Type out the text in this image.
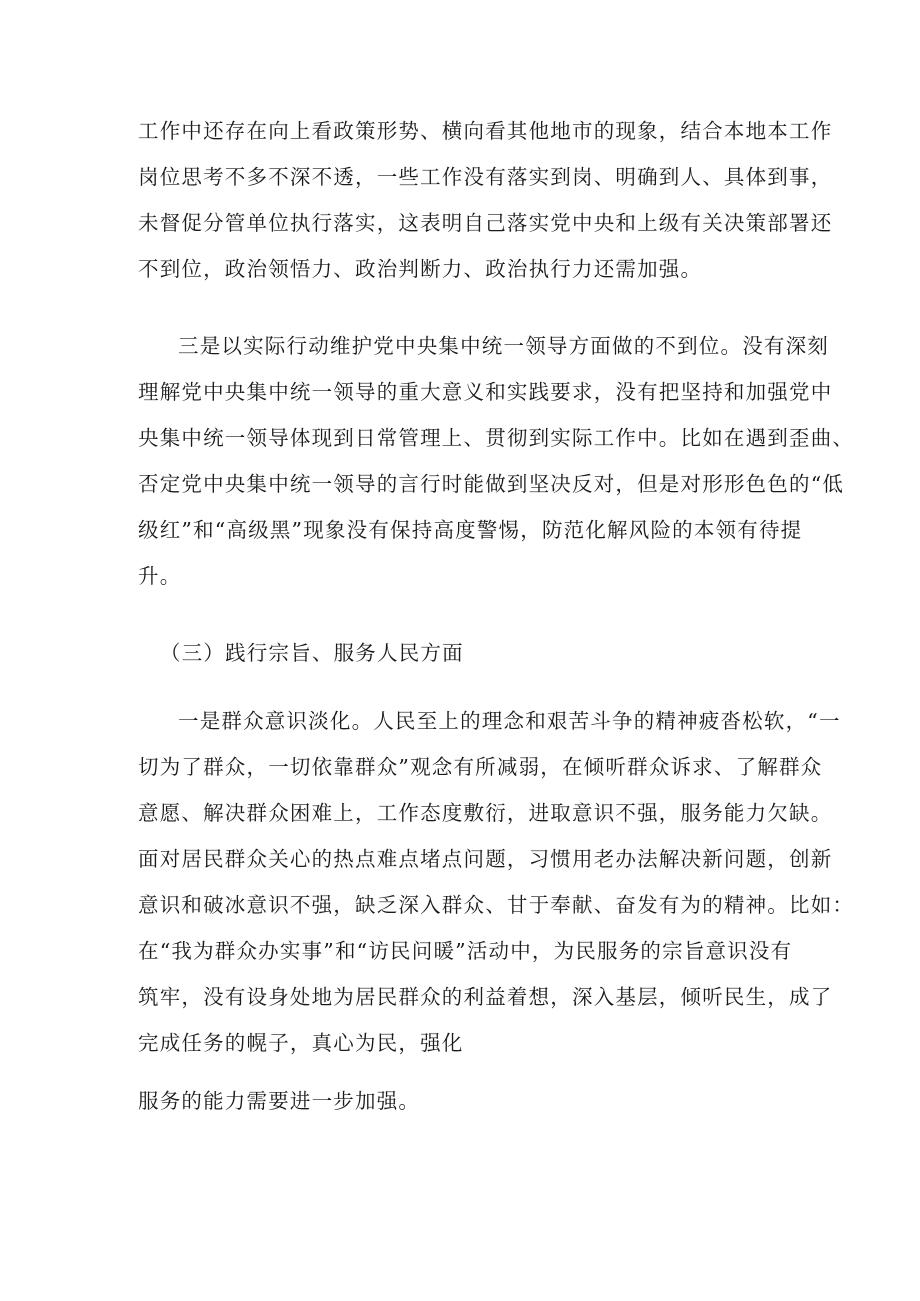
工作中还存在向上看政策形势、横向看其他地市的现象，结合本地本工作
岗位思考不多不深不透，一些工作没有落实到岗、明确到人、具体到事，
未督促分管单位执行落实，这表明自己落实党中央和上级有关决策部署还
不到位，政治领悟力、政治判断力、政治执行力还需加强。
三是以实际行动维护党中央集中统一领导方面做的不到位。没有深刻
理解党中央集中统一领导的重大意义和实践要求，没有把坚持和加强党中
央集中统一领导体现到日常管理上、贯彻到实际工作中。比如在遇到歪曲、
否定党中央集中统一领导的言行时能做到坚决反对，但是对形形色色的“低
级红”和“高级黑”现象没有保持高度警惕，防范化解风险的本领有待提
升。
（三）践行宗旨、服务人民方面
一是群众意识淡化。人民至上的理念和艰苦斗争的精神疲沓松软，“一
切为了群众，一切依靠群众”观念有所减弱，在倾听群众诉求、了解群众
意愿、解决群众困难上，工作态度敷衍，进取意识不强，服务能力欠缺。
面对居民群众关心的热点难点堵点问题，习惯用老办法解决新问题，创新
意识和破冰意识不强，缺乏深入群众、甘于奉献、奋发有为的精神。比如：
在“我为群众办实事”和“访民问暖”活动中，为民服务的宗旨意识没有
筑牢，没有设身处地为居民群众的利益着想，深入基层，倾听民生，成了
完成任务的幌子，真心为民，强化
服务的能力需要进一步加强。
